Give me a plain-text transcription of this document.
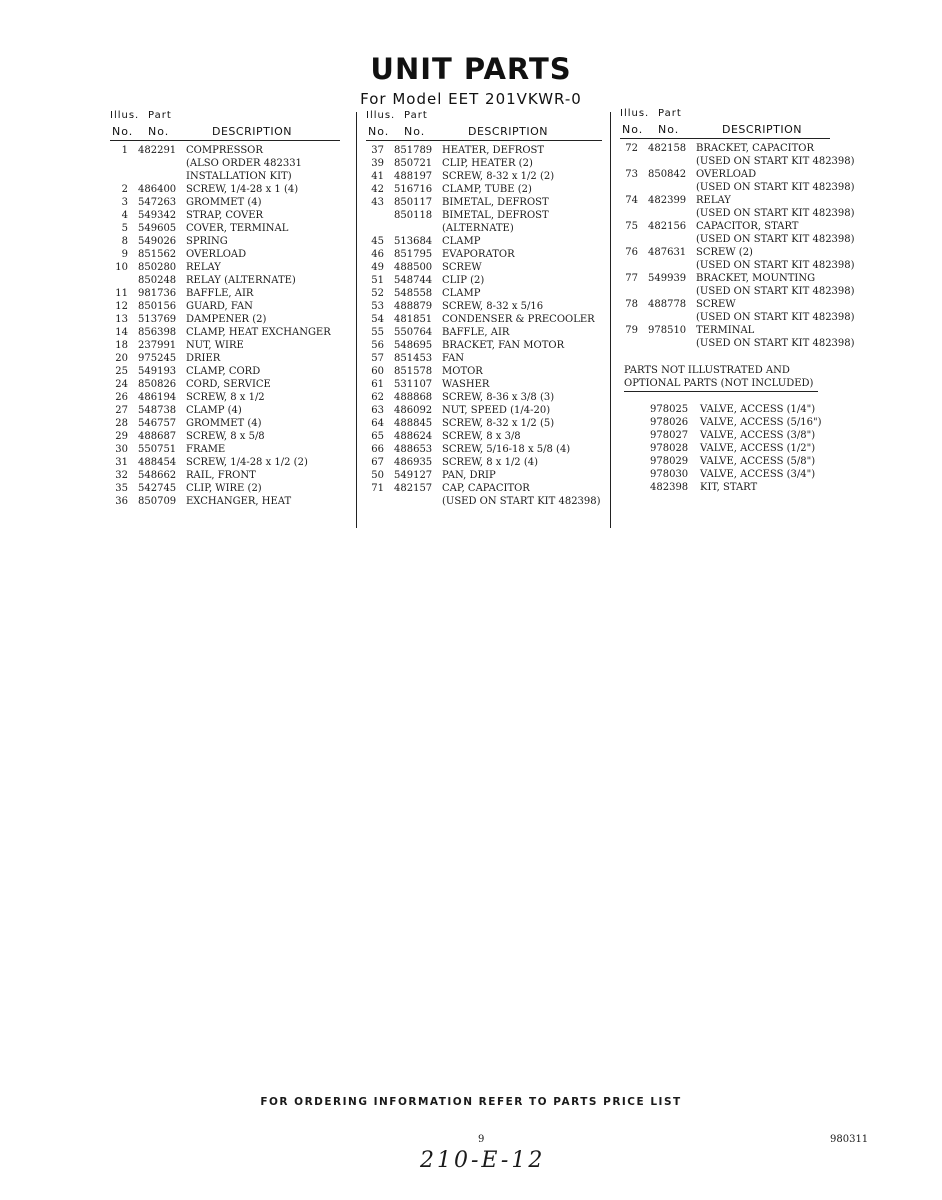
UNIT PARTS
For Model EET 201VKWR-0
Illus. Part
No. No.	DESCRIPTION
1 482291 COMPRESSOR
(ALSO ORDER 482331
INSTALLATION KIT)
2 486400 SCREW, 1/4-28 x 1 (4)
3 547263 GROMMET (4)
4 549342 STRAP, COVER
5 549605 COVER, TERMINAL
8 549026 SPRING
9 851562 OVERLOAD
10 850280 RELAY
850248 RELAY (ALTERNATE)
11 981736 BAFFLE, AIR
12 850156 GUARD, FAN
13 513769 DAMPENER (2)
14 856398 CLAMP, HEAT EXCHANGER
18 237991 NUT, WIRE
20 975245 DRIER
25 549193 CLAMP, CORD
24 850826 CORD, SERVICE
26 486194 SCREW, 8 x 1/2
27 548738 CLAMP (4)
28 546757 GROMMET (4)
29 488687 SCREW, 8 x 5/8
30 550751 FRAME
31 488454 SCREW, 1/4-28 x 1/2 (2)
32 548662 RAIL, FRONT
35 542745 CLIP, WIRE (2)
36 850709 EXCHANGER, HEAT
Illus. Part
No. No.	DESCRIPTION
37 851789 HEATER, DEFROST
39 850721 CLIP, HEATER (2)
41 488197 SCREW, 8-32 x 1/2 (2)
42 516716 CLAMP, TUBE (2)
43 850117 BIMETAL, DEFROST
850118 BIMETAL, DEFROST
(ALTERNATE)
45 513684 CLAMP
46 851795 EVAPORATOR
49 488500 SCREW
51 548744 CLIP (2)
52 548558 CLAMP
53 488879 SCREW, 8-32 x 5/16
54 481851 CONDENSER & PRECOOLER
55 550764 BAFFLE, AIR
56 548695 BRACKET, FAN MOTOR
57 851453 FAN
60 851578 MOTOR
61 531107 WASHER
62 488868 SCREW, 8-36 x 3/8 (3)
63 486092 NUT, SPEED (1/4-20)
64 488845 SCREW, 8-32 x 1/2 (5)
65 488624 SCREW, 8 x 3/8
66 488653 SCREW, 5/16-18 x 5/8 (4)
67 486935 SCREW, 8 x 1/2 (4)
50 549127 PAN, DRIP
71 482157 CAP, CAPACITOR
(USED ON START KIT 482398)
Illus. Part
No. No.	DESCRIPTION
72 482158 BRACKET, CAPACITOR
(USED ON START KIT 482398)
73 850842 OVERLOAD
(USED ON START KIT 482398)
74 482399 RELAY
(USED ON START KIT 482398)
75 482156 CAPACITOR, START
(USED ON START KIT 482398)
76 487631 SCREW (2)
(USED ON START KIT 482398)
77 549939 BRACKET, MOUNTING
(USED ON START KIT 482398)
78 488778 SCREW
(USED ON START KIT 482398)
79 978510 TERMINAL
(USED ON START KIT 482398)
PARTS NOT ILLUSTRATED AND
OPTIONAL PARTS (NOT INCLUDED)
978025 VALVE, ACCESS (1/4")
978026 VALVE, ACCESS (5/16")
978027 VALVE, ACCESS (3/8")
978028 VALVE, ACCESS (1/2")
978029 VALVE, ACCESS (5/8")
978030 VALVE, ACCESS (3/4")
482398 KIT, START
FOR ORDERING INFORMATION REFER TO PARTS PRICE LIST
9	980311
210-E-12
